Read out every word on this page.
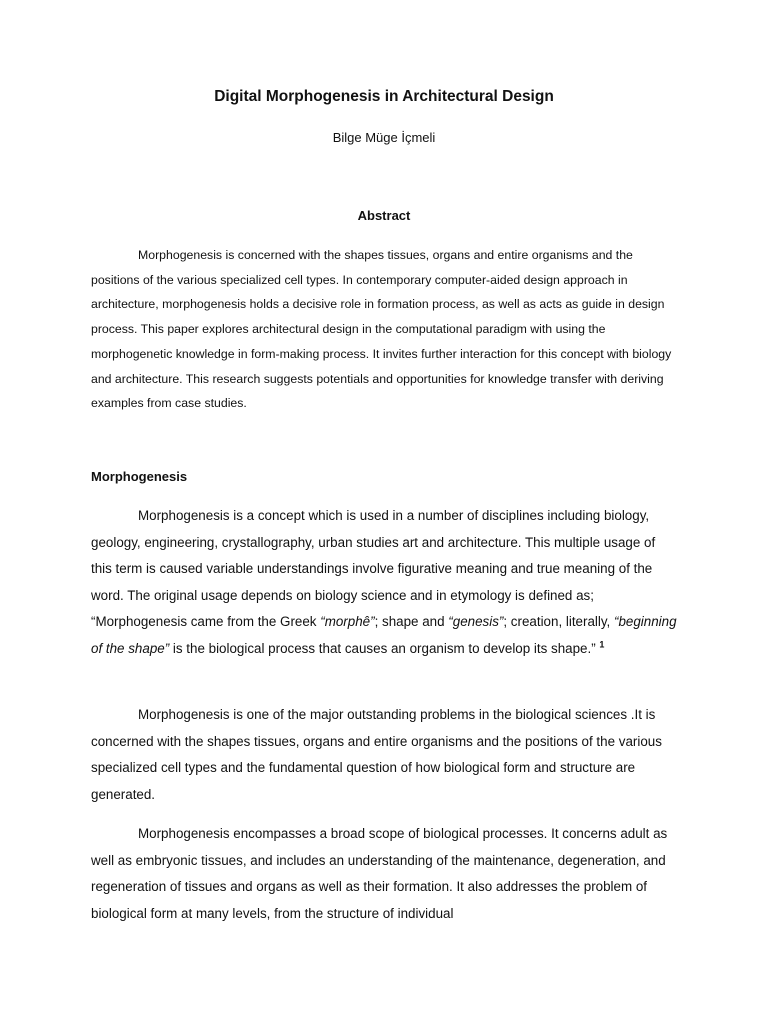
Digital Morphogenesis in Architectural Design
Bilge Müge İçmeli
Abstract

Morphogenesis is concerned with the shapes tissues, organs and entire organisms and the positions of the various specialized cell types. In contemporary computer-aided design approach in architecture, morphogenesis holds a decisive role in formation process, as well as acts as guide in design process. This paper explores architectural design in the computational paradigm with using the morphogenetic knowledge in form-making process. It invites further interaction for this concept with biology and architecture. This research suggests potentials and opportunities for knowledge transfer with deriving examples from case studies.

Morphogenesis

Morphogenesis is a concept which is used in a number of disciplines including biology, geology, engineering, crystallography, urban studies art and architecture. This multiple usage of this term is caused variable understandings involve figurative meaning and true meaning of the word. The original usage depends on biology science and in etymology is defined as; “Morphogenesis came from the Greek “morphê”; shape and “genesis”; creation, literally, “beginning of the shape” is the biological process that causes an organism to develop its shape.” $^1$

Morphogenesis is one of the major outstanding problems in the biological sciences .It is concerned with the shapes tissues, organs and entire organisms and the positions of the various specialized cell types and the fundamental question of how biological form and structure are generated.

Morphogenesis encompasses a broad scope of biological processes. It concerns adult as well as embryonic tissues, and includes an understanding of the maintenance, degeneration, and regeneration of tissues and organs as well as their formation. It also addresses the problem of biological form at many levels, from the structure of individual
